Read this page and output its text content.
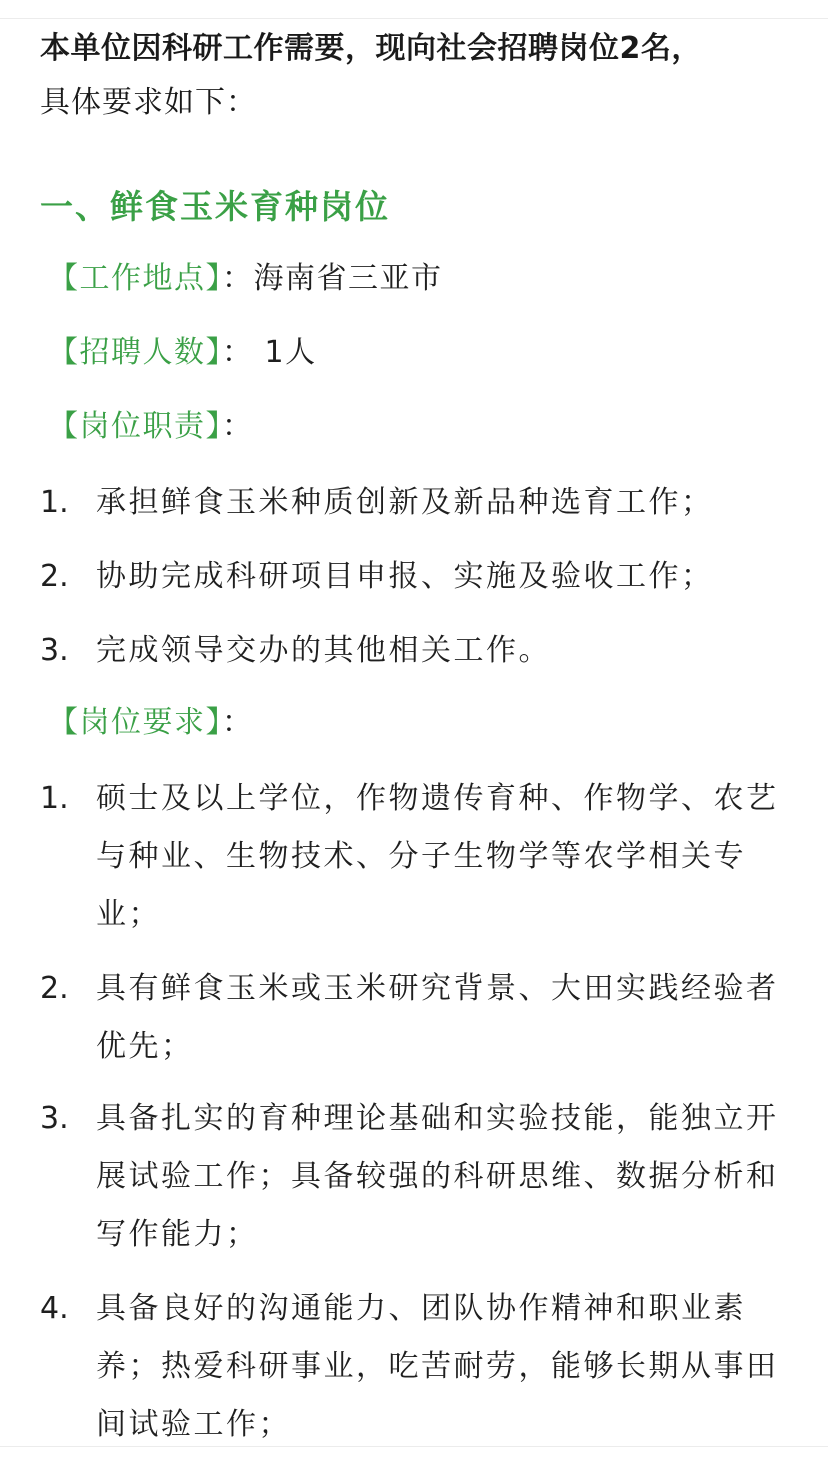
本单位因科研工作需要，现向社会招聘岗位2名，
具体要求如下：
一、鲜食玉米育种岗位
【工作地点】：海南省三亚市
【招聘人数】： 1人
【岗位职责】：
1. 承担鲜食玉米种质创新及新品种选育工作；
2. 协助完成科研项目申报、实施及验收工作；
3. 完成领导交办的其他相关工作。
【岗位要求】：
1. 硕士及以上学位，作物遗传育种、作物学、农艺与种业、生物技术、分子生物学等农学相关专业；
2. 具有鲜食玉米或玉米研究背景、大田实践经验者优先；
3. 具备扎实的育种理论基础和实验技能，能独立开展试验工作；具备较强的科研思维、数据分析和写作能力；
4. 具备良好的沟通能力、团队协作精神和职业素养；热爱科研事业，吃苦耐劳，能够长期从事田间试验工作；
